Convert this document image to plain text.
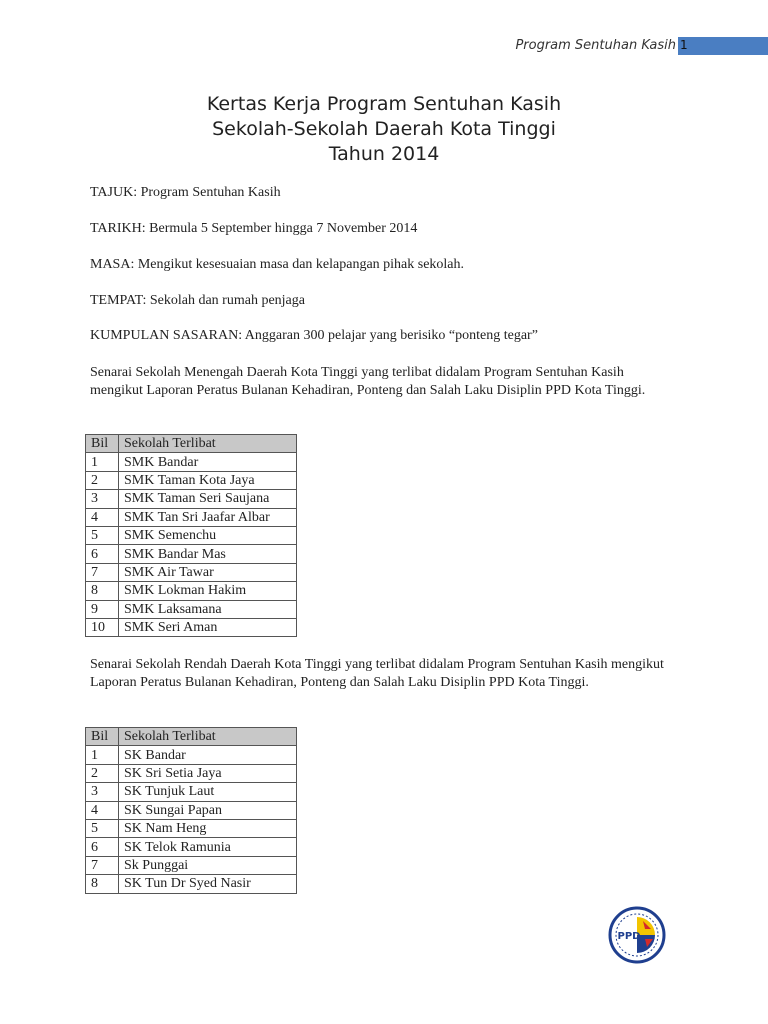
Program Sentuhan Kasih 1
Kertas Kerja Program Sentuhan Kasih
Sekolah-Sekolah Daerah Kota Tinggi
Tahun 2014
TAJUK: Program Sentuhan Kasih
TARIKH: Bermula 5 September hingga 7 November 2014
MASA: Mengikut kesesuaian masa dan kelapangan pihak sekolah.
TEMPAT: Sekolah dan rumah penjaga
KUMPULAN SASARAN: Anggaran 300 pelajar yang berisiko “ponteng tegar”
Senarai Sekolah Menengah Daerah Kota Tinggi yang terlibat didalam Program Sentuhan Kasih mengikut Laporan Peratus Bulanan Kehadiran, Ponteng dan Salah Laku Disiplin PPD Kota Tinggi.
Bil	Sekolah Terlibat
1	SMK Bandar
2	SMK Taman Kota Jaya
3	SMK Taman Seri Saujana
4	SMK Tan Sri Jaafar Albar
5	SMK Semenchu
6	SMK Bandar Mas
7	SMK Air Tawar
8	SMK Lokman Hakim
9	SMK Laksamana
10	SMK Seri Aman
Senarai Sekolah Rendah Daerah Kota Tinggi yang terlibat didalam Program Sentuhan Kasih mengikut Laporan Peratus Bulanan Kehadiran, Ponteng dan Salah Laku Disiplin PPD Kota Tinggi.
Bil	Sekolah Terlibat
1	SK Bandar
2	SK Sri Setia Jaya
3	SK Tunjuk Laut
4	SK Sungai Papan
5	SK Nam Heng
6	SK Telok Ramunia
7	Sk Punggai
8	SK Tun Dr Syed Nasir
PPD
